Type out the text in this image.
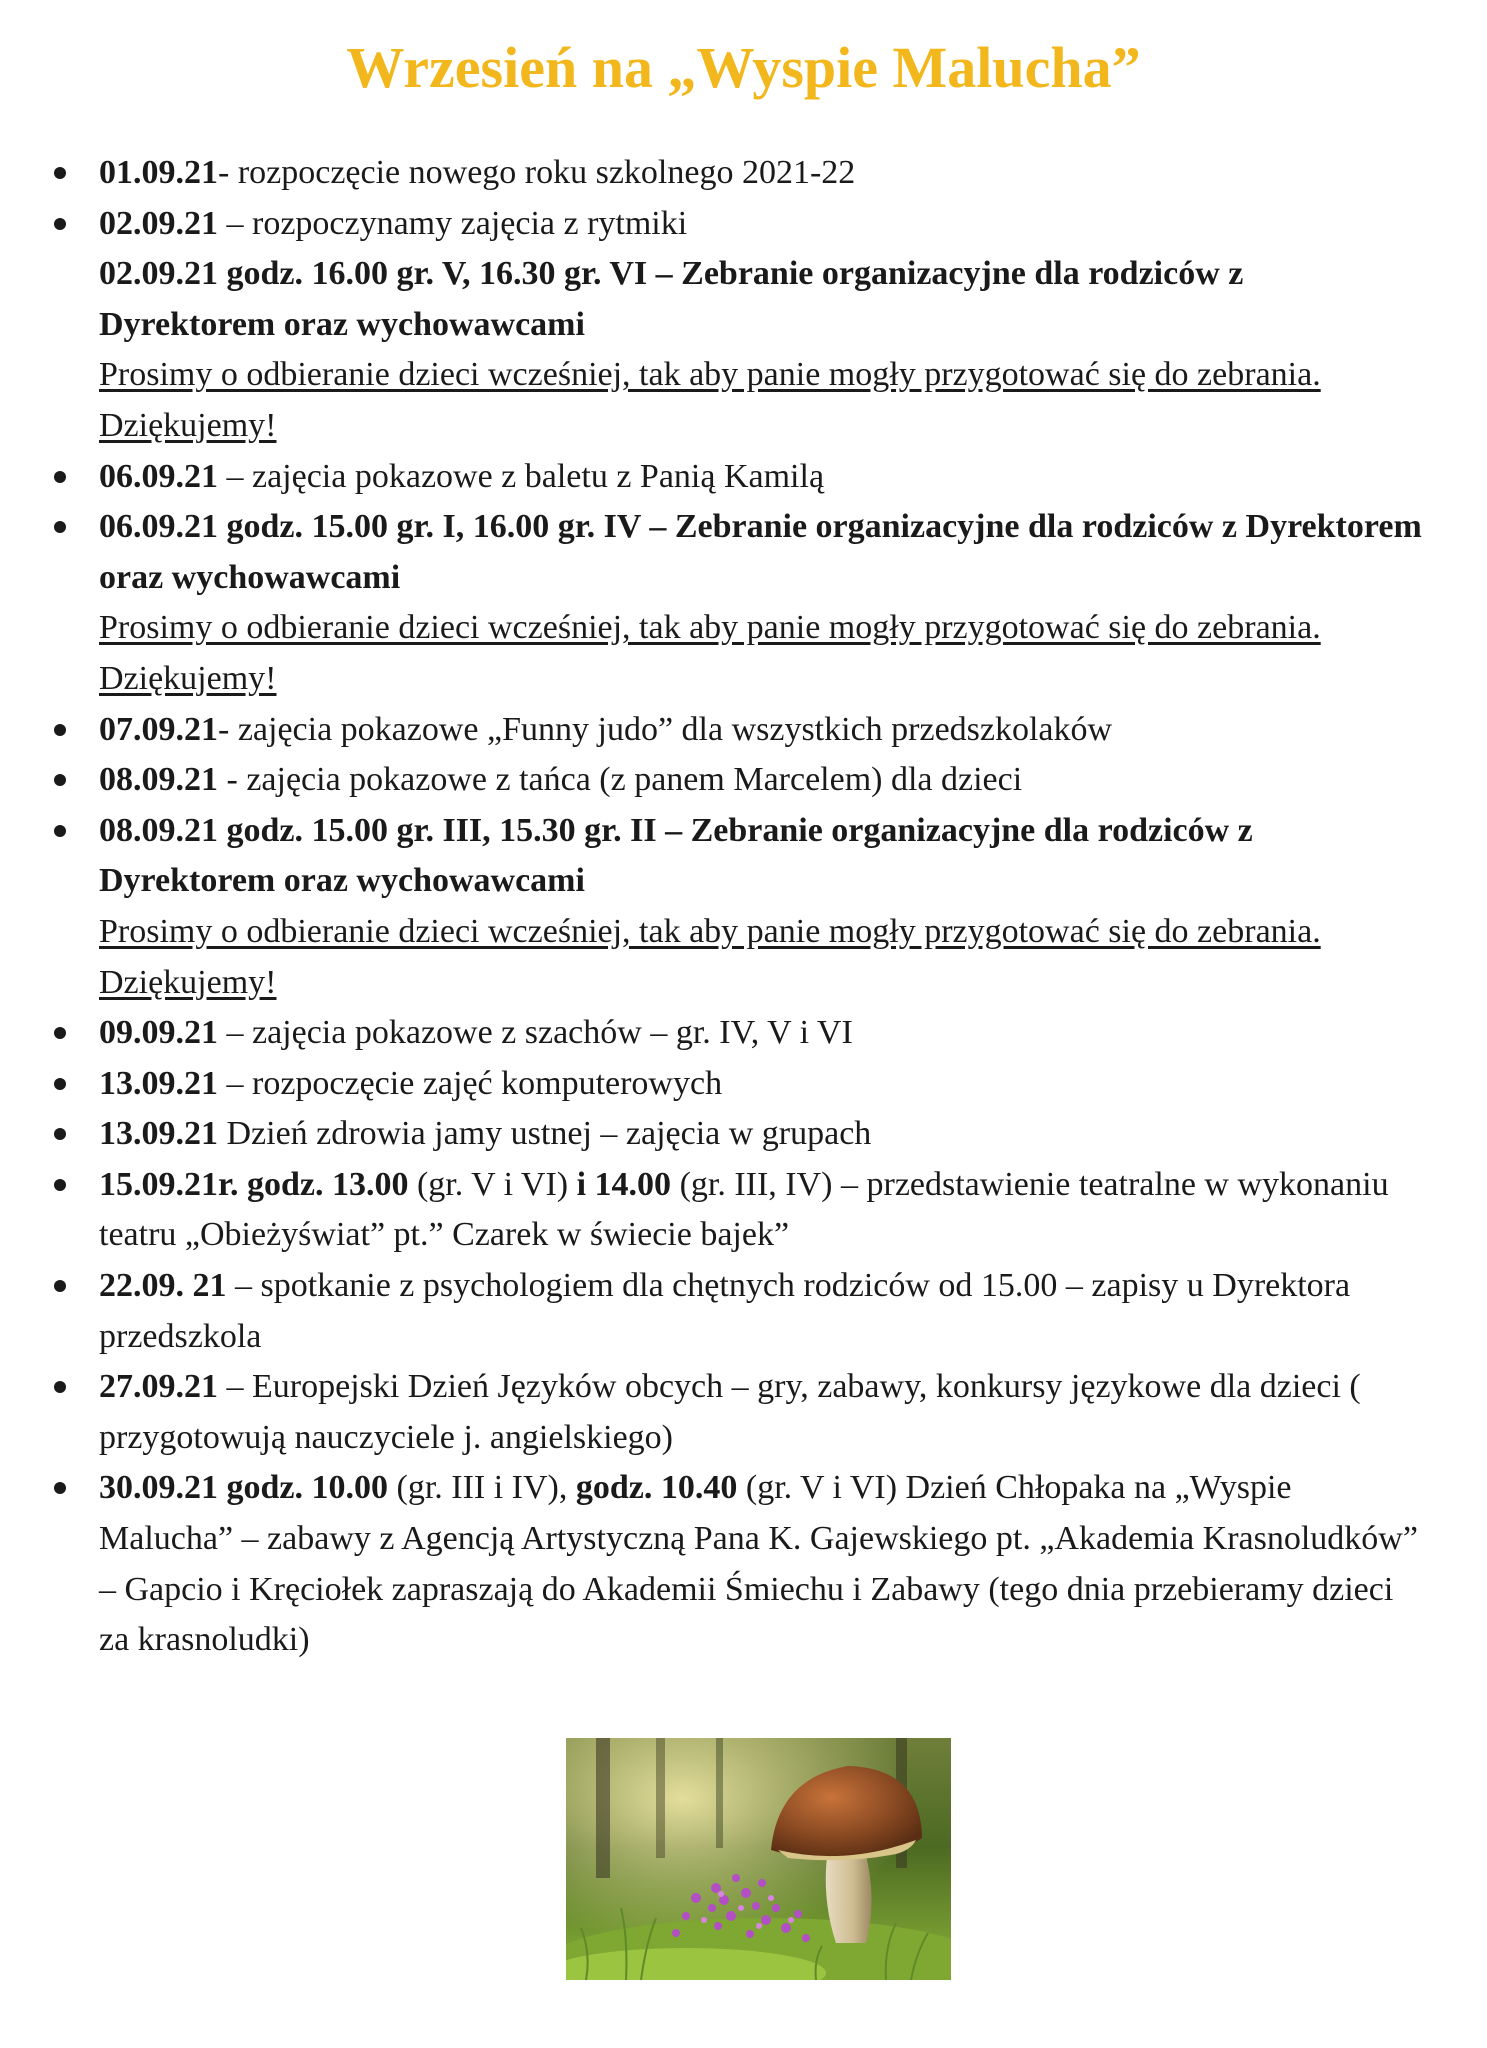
Wrzesień na „Wyspie Malucha”
01.09.21- rozpoczęcie nowego roku szkolnego 2021-22
02.09.21 – rozpoczynamy zajęcia z rytmiki
02.09.21 godz. 16.00 gr. V, 16.30 gr. VI – Zebranie organizacyjne dla rodziców z Dyrektorem oraz wychowawcami
Prosimy o odbieranie dzieci wcześniej, tak aby panie mogły przygotować się do zebrania. Dziękujemy!
06.09.21 – zajęcia pokazowe z baletu z Panią Kamilą
06.09.21 godz. 15.00 gr. I, 16.00 gr. IV – Zebranie organizacyjne dla rodziców z Dyrektorem oraz wychowawcami
Prosimy o odbieranie dzieci wcześniej, tak aby panie mogły przygotować się do zebrania. Dziękujemy!
07.09.21- zajęcia pokazowe „Funny judo” dla wszystkich przedszkolaków
08.09.21 - zajęcia pokazowe z tańca (z panem Marcelem) dla dzieci
08.09.21 godz. 15.00 gr. III, 15.30 gr. II – Zebranie organizacyjne dla rodziców z Dyrektorem oraz wychowawcami
Prosimy o odbieranie dzieci wcześniej, tak aby panie mogły przygotować się do zebrania. Dziękujemy!
09.09.21 – zajęcia pokazowe z szachów – gr. IV, V i VI
13.09.21 – rozpoczęcie zajęć komputerowych
13.09.21 Dzień zdrowia jamy ustnej – zajęcia w grupach
15.09.21r. godz. 13.00 (gr. V i VI) i 14.00 (gr. III, IV) – przedstawienie teatralne w wykonaniu teatru „Obieżyświat” pt.” Czarek w świecie bajek”
22.09. 21 – spotkanie z psychologiem dla chętnych rodziców od 15.00 – zapisy u Dyrektora przedszkola
27.09.21 – Europejski Dzień Języków obcych – gry, zabawy, konkursy językowe dla dzieci ( przygotowują nauczyciele j. angielskiego)
30.09.21 godz. 10.00 (gr. III i IV), godz. 10.40 (gr. V i VI) Dzień Chłopaka na „Wyspie Malucha” – zabawy z Agencją Artystyczną Pana K. Gajewskiego pt. „Akademia Krasnoludków” – Gapcio i Kręciołek zapraszają do Akademii Śmiechu i Zabawy (tego dnia przebieramy dzieci za krasnoludki)
